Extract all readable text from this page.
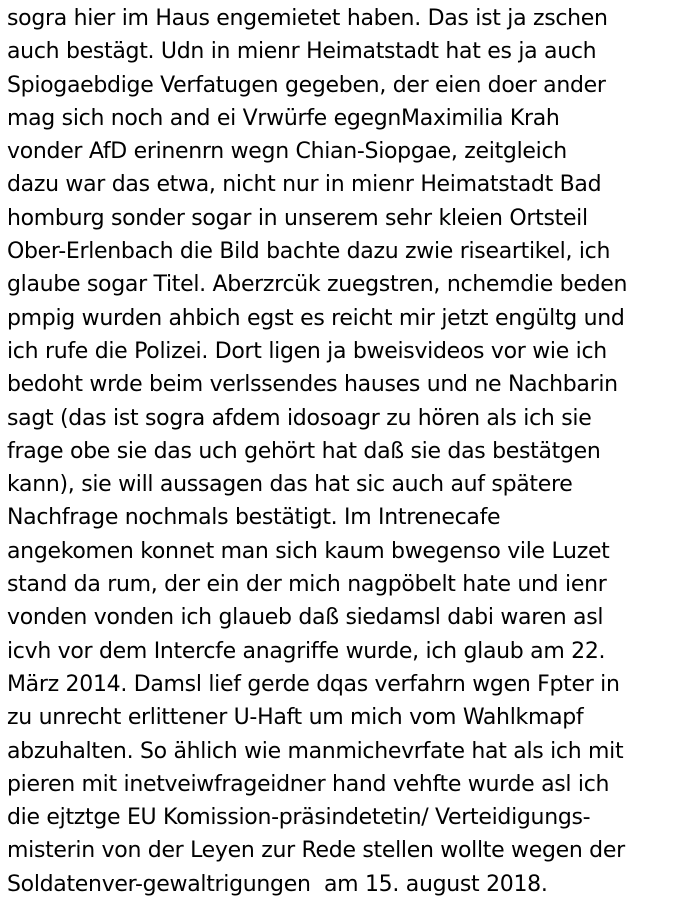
sogra hier im Haus engemietet haben. Das ist ja zschen
auch bestägt. Udn in mienr Heimatstadt hat es ja auch
Spiogaebdige Verfatugen gegeben, der eien doer ander
mag sich noch and ei Vrwürfe egegnMaximilia Krah
vonder AfD erinenrn wegn Chian-Siopgae, zeitgleich
dazu war das etwa, nicht nur in mienr Heimatstadt Bad
homburg sonder sogar in unserem sehr kleien Ortsteil
Ober-Erlenbach die Bild bachte dazu zwie riseartikel, ich
glaube sogar Titel. Aberzrcük zuegstren, nchemdie beden
pmpig wurden ahbich egst es reicht mir jetzt engültg und
ich rufe die Polizei. Dort ligen ja bweisvideos vor wie ich
bedoht wrde beim verlssendes hauses und ne Nachbarin
sagt (das ist sogra afdem idosoagr zu hören als ich sie
frage obe sie das uch gehört hat daß sie das bestätgen
kann), sie will aussagen das hat sic auch auf spätere
Nachfrage nochmals bestätigt. Im Intrenecafe
angekomen konnet man sich kaum bwegenso vile Luzet
stand da rum, der ein der mich nagpöbelt hate und ienr
vonden vonden ich glaueb daß siedamsl dabi waren asl
icvh vor dem Intercfe anagriffe wurde, ich glaub am 22.
März 2014. Damsl lief gerde dqas verfahrn wgen Fpter in
zu unrecht erlittener U-Haft um mich vom Wahlkmapf
abzuhalten. So ählich wie manmichevrfate hat als ich mit
pieren mit inetveiwfrageidner hand vehfte wurde asl ich
die ejtztge EU Komission-präsindetetin/ Verteidigungs-
misterin von der Leyen zur Rede stellen wollte wegen der
Soldatenver-gewaltrigungen  am 15. august 2018.
